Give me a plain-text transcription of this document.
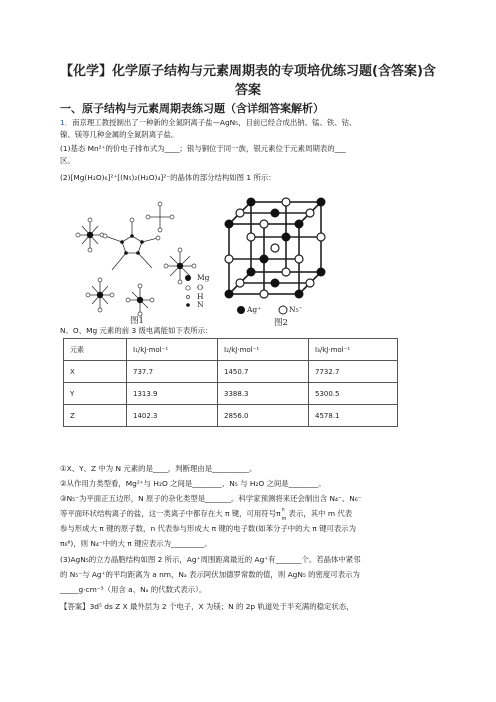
【化学】化学原子结构与元素周期表的专项培优练习题(含答案)含
答案
一、原子结构与元素周期表练习题（含详细答案解析）
1．南京理工教授制出了一种新的全氮阴离子盐—AgN₅，目前已经合成出钠、锰、铁、钴、
镍、镁等几种金属的全氮阴离子盐。
(1)基态 Mn²⁺的价电子排布式为____；银与铜位于同一族，银元素位于元素周期表的___
区。
(2)[Mg(H₂O)₆]²⁺[(N₅)₂(H₂O)₄]²⁻的晶体的部分结构如图 1 所示：
Mg
O
H
N
图1
Ag⁺	N₅⁻
图2
N、O、Mg 元素的前 3 级电离能如下表所示：
元素	I₁/kJ·mol⁻¹	I₂/kJ·mol⁻¹	I₃/kJ·mol⁻¹
X	737.7	1450.7	7732.7
Y	1313.9	3388.3	5300.5
Z	1402.3	2856.0	4578.1
①X、Y、Z 中为 N 元素的是____，判断理由是__________。
②从作用力类型看，Mg²⁺与 H₂O 之间是________、N₅ 与 H₂O 之间是________。
③N₅⁻为平面正五边形，N 原子的杂化类型是_______。科学家预测将来还会制出含 N₄⁻、N₆⁻
等平面环状结构离子的盐，这一类离子中都存在大 π 键，可用符号π n
m
表示，其中 m 代表
参与形成大 π 键的原子数，n 代表参与形成大 π 键的电子数(如苯分子中的大 π 键可表示为
π₆⁶)，则 N₄⁻中的大 π 键应表示为_________。
(3)AgN₅的立方晶胞结构如图 2 所示，Ag⁺周围距离最近的 Ag⁺有_______个。若晶体中紧邻
的 N₅⁻与 Ag⁺的平均距离为 a nm，Nₐ 表示阿伏加德罗常数的值，则 AgN₅ 的密度可表示为
_____g·cm⁻³（用含 a、Nₐ 的代数式表示）。
【答案】3d⁵ ds Z X 最外层为 2 个电子，X 为镁；N 的 2p 轨道处于半充满的稳定状态，
